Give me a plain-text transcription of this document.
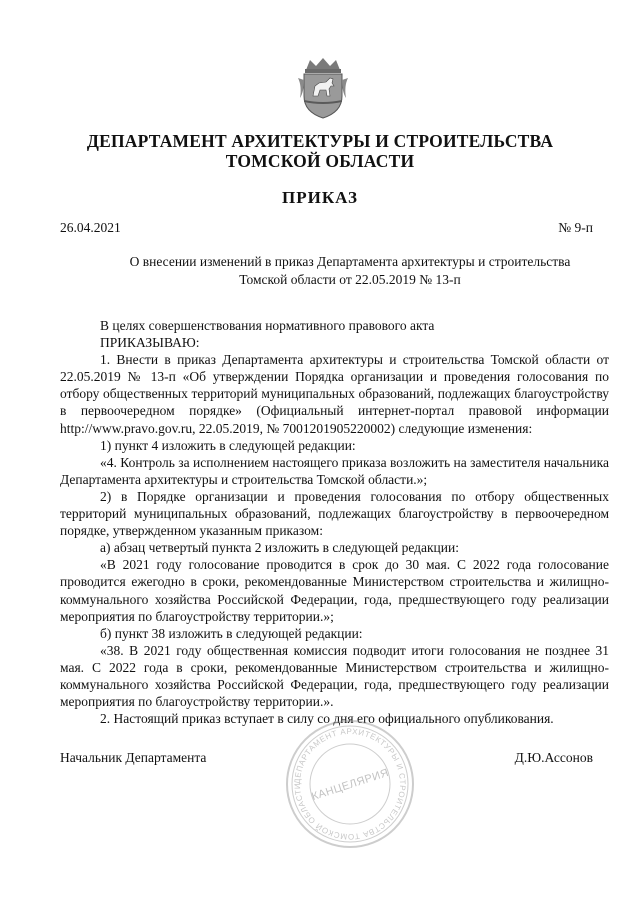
ДЕПАРТАМЕНТ АРХИТЕКТУРЫ И СТРОИТЕЛЬСТВА
ТОМСКОЙ ОБЛАСТИ
ПРИКАЗ
26.04.2021	№ 9-п
О внесении изменений в приказ Департамента архитектуры и строительства
Томской области от 22.05.2019 № 13-п

В целях совершенствования нормативного правового акта

ПРИКАЗЫВАЮ:

1. Внести в приказ Департамента архитектуры и строительства Томской области от 22.05.2019 № 13-п «Об утверждении Порядка организации и проведения голосования по отбору общественных территорий муниципальных образований, подлежащих благоустройству в первоочередном порядке» (Официальный интернет-портал правовой информации http://www.pravo.gov.ru, 22.05.2019, № 7001201905220002) следующие изменения:

1) пункт 4 изложить в следующей редакции:

«4. Контроль за исполнением настоящего приказа возложить на заместителя начальника Департамента архитектуры и строительства Томской области.»;

2) в Порядке организации и проведения голосования по отбору общественных территорий муниципальных образований, подлежащих благоустройству в первоочередном порядке, утвержденном указанным приказом:

а) абзац четвертый пункта 2 изложить в следующей редакции:

«В 2021 году голосование проводится в срок до 30 мая. С 2022 года голосование проводится ежегодно в сроки, рекомендованные Министерством строительства и жилищно-коммунального хозяйства Российской Федерации, года, предшествующего году реализации мероприятия по благоустройству территории.»;

б) пункт 38 изложить в следующей редакции:

«38. В 2021 году общественная комиссия подводит итоги голосования не позднее 31 мая. С 2022 года в сроки, рекомендованные Министерством строительства и жилищно-коммунального хозяйства Российской Федерации, года, предшествующего году реализации мероприятия по благоустройству территории.».

2. Настоящий приказ вступает в силу со дня его официального опубликования.

Начальник Департамента	Д.Ю.Ассонов
ДЕПАРТАМЕНТ АРХИТЕКТУРЫ И СТРОИТЕЛЬСТВА ТОМСКОЙ ОБЛАСТИ КАНЦЕЛЯРИЯ
